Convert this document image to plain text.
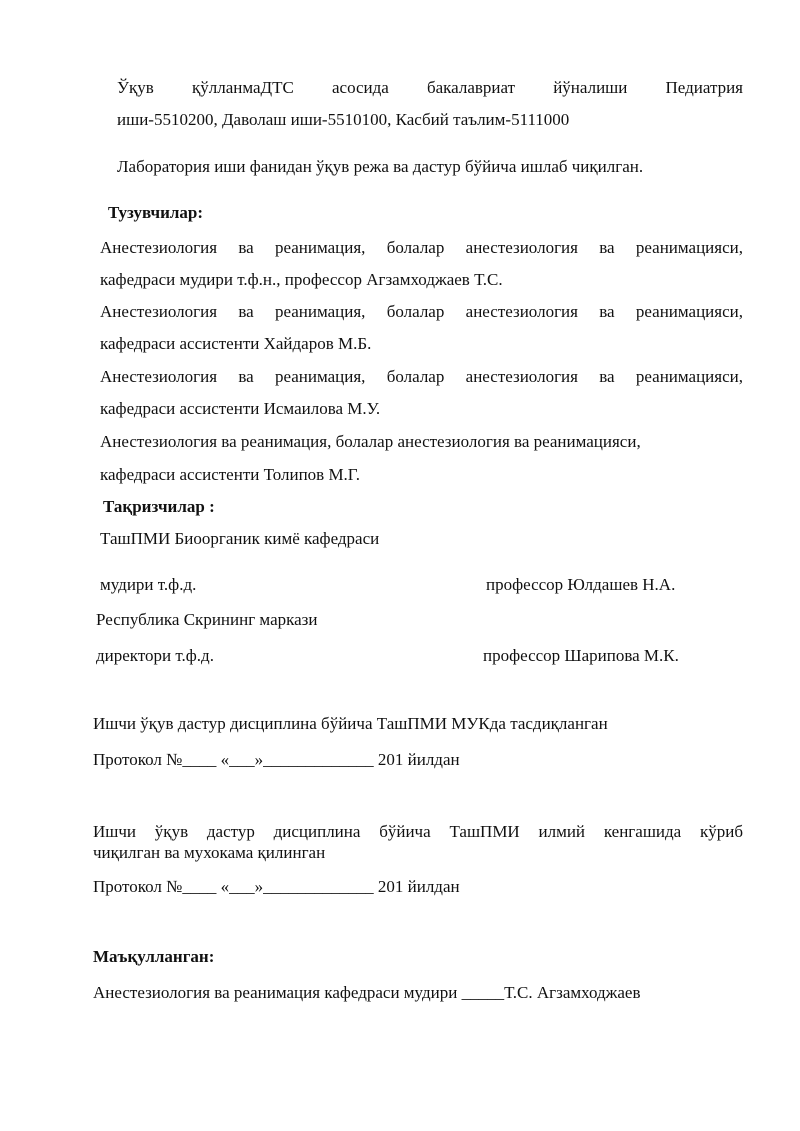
Ўқув қўлланмаДТС асосида бакалавриат йўналиши Педиатрия
иши-5510200, Даволаш иши-5510100, Касбий таълим-5111000
Лаборатория иши фанидан ўқув режа ва дастур бўйича ишлаб чиқилган.
Тузувчилар:
Анестезиология ва реанимация, болалар анестезиология ва реанимацияси,
кафедраси мудири т.ф.н., профессор Агзамходжаев Т.С.
Анестезиология ва реанимация, болалар анестезиология ва реанимацияси,
кафедраси ассистенти Хайдаров М.Б.
Анестезиология ва реанимация, болалар анестезиология ва реанимацияси,
кафедраси ассистенти Исмаилова М.У.
Анестезиология ва реанимация, болалар анестезиология ва реанимацияси,
кафедраси ассистенти Толипов М.Г.
Тақризчилар :
ТашПМИ Биоорганик кимё кафедраси
мудири т.ф.д.	профессор Юлдашев Н.А.
Республика Скрининг маркази
директори т.ф.д.	профессор Шарипова М.К.
Ишчи ўқув дастур дисциплина бўйича ТашПМИ МУКда тасдиқланган
Протокол №____ «___»_____________ 201 йилдан
Ишчи ўқув дастур дисциплина бўйича ТашПМИ илмий кенгашида кўриб
чиқилган ва мухокама қилинган
Протокол №____ «___»_____________ 201 йилдан
Маъқулланган:
Анестезиология ва реанимация кафедраси мудири _____Т.С. Агзамходжаев
